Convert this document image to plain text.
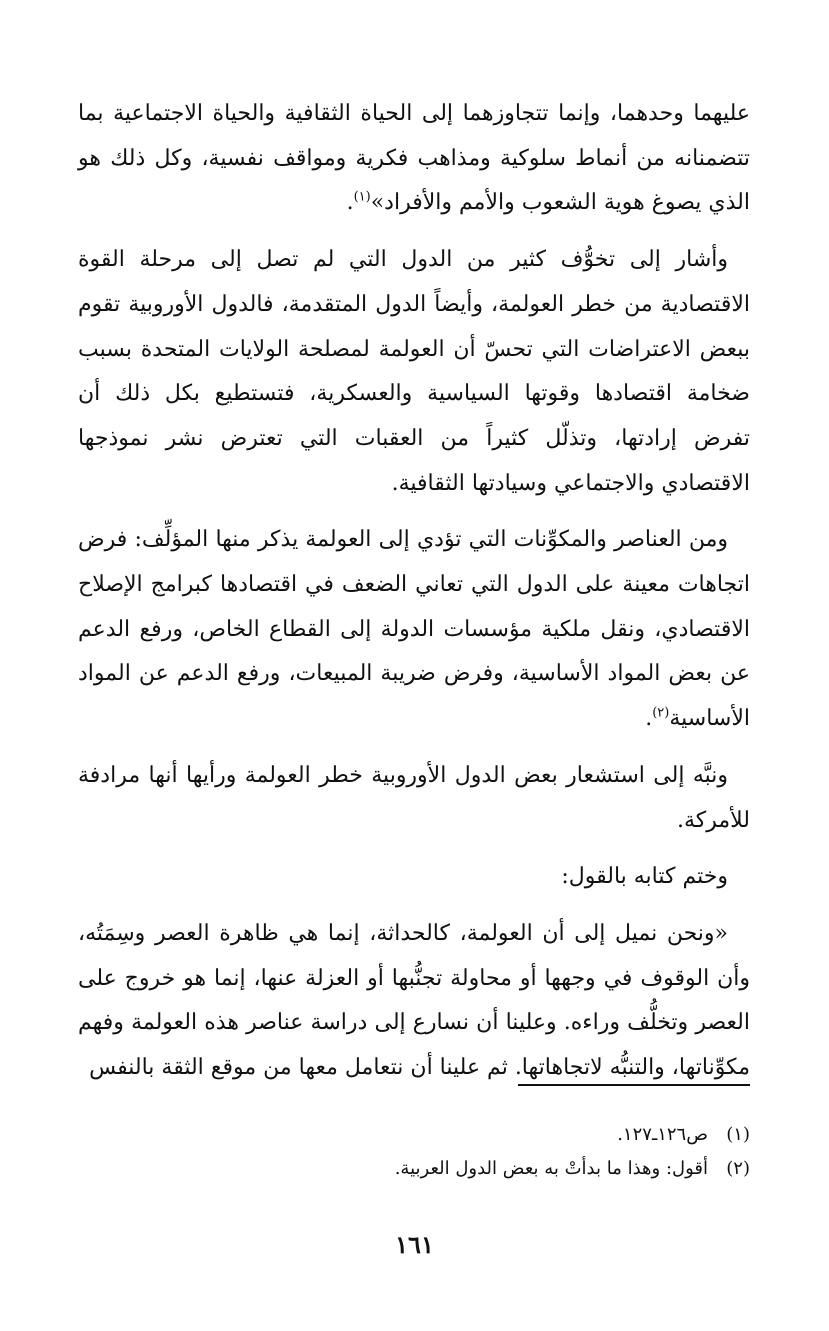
عليهما وحدهما، وإنما تتجاوزهما إلى الحياة الثقافية والحياة الاجتماعية بما تتضمنانه من أنماط سلوكية ومذاهب فكرية ومواقف نفسية، وكل ذلك هو الذي يصوغ هوية الشعوب والأمم والأفراد»$^{(١)}$.

وأشار إلى تخوُّف كثير من الدول التي لم تصل إلى مرحلة القوة الاقتصادية من خطر العولمة، وأيضاً الدول المتقدمة، فالدول الأوروبية تقوم ببعض الاعتراضات التي تحسّ أن العولمة لمصلحة الولايات المتحدة بسبب ضخامة اقتصادها وقوتها السياسية والعسكرية، فتستطيع بكل ذلك أن تفرض إرادتها، وتذلّل كثيراً من العقبات التي تعترض نشر نموذجها الاقتصادي والاجتماعي وسيادتها الثقافية.

ومن العناصر والمكوِّنات التي تؤدي إلى العولمة يذكر منها المؤلِّف: فرض اتجاهات معينة على الدول التي تعاني الضعف في اقتصادها كبرامج الإصلاح الاقتصادي، ونقل ملكية مؤسسات الدولة إلى القطاع الخاص، ورفع الدعم عن بعض المواد الأساسية، وفرض ضريبة المبيعات، ورفع الدعم عن المواد الأساسية$^{(٢)}$.

ونبَّه إلى استشعار بعض الدول الأوروبية خطر العولمة ورأيها أنها مرادفة للأمركة.

وختم كتابه بالقول:

«ونحن نميل إلى أن العولمة، كالحداثة، إنما هي ظاهرة العصر وسِمَتُه، وأن الوقوف في وجهها أو محاولة تجنُّبها أو العزلة عنها، إنما هو خروج على العصر وتخلُّف وراءه. وعلينا أن نسارع إلى دراسة عناصر هذه العولمة وفهم مكوِّناتها، والتنبُّه لاتجاهاتها. ثم علينا أن نتعامل معها من موقع الثقة بالنفس

(١)ص١٢٦ـ١٢٧.
(٢)أقول: وهذا ما بدأتْ به بعض الدول العربية.
١٦١
